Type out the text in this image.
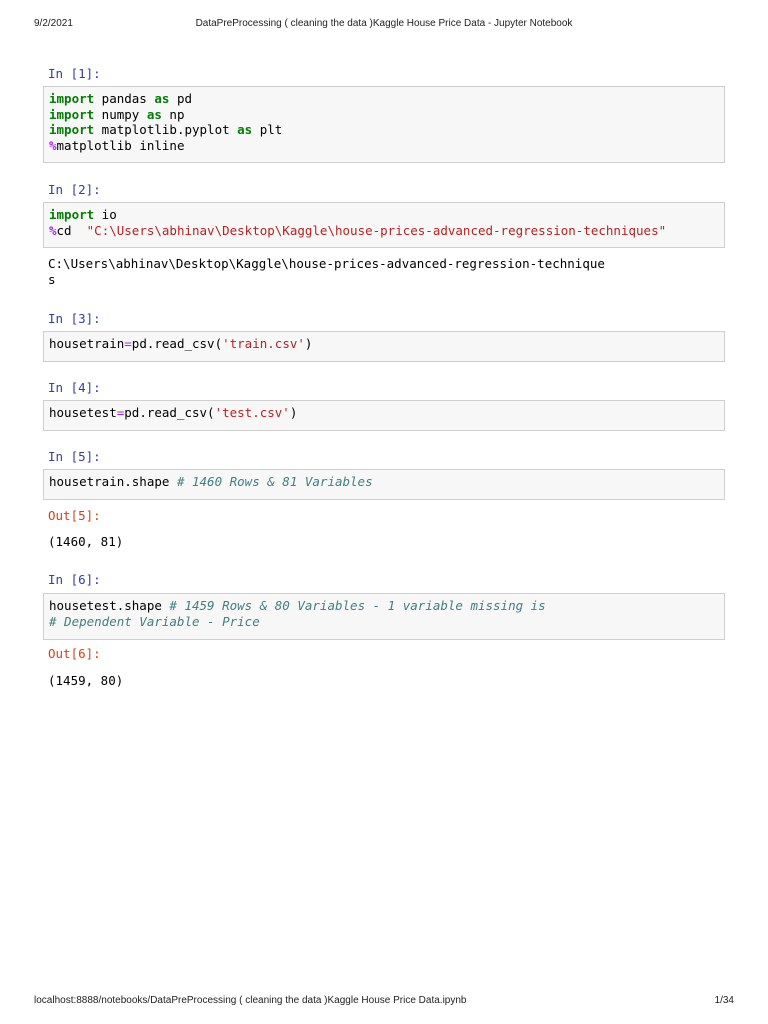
9/2/2021	DataPreProcessing ( cleaning the data )Kaggle House Price Data - Jupyter Notebook
In [1]:
import pandas as pd
import numpy as np
import matplotlib.pyplot as plt
%matplotlib inline
In [2]:
import io
%cd  "C:\Users\abhinav\Desktop\Kaggle\house-prices-advanced-regression-techniques"
C:\Users\abhinav\Desktop\Kaggle\house-prices-advanced-regression-technique
s
In [3]:
housetrain=pd.read_csv('train.csv')
In [4]:
housetest=pd.read_csv('test.csv')
In [5]:
housetrain.shape # 1460 Rows & 81 Variables
Out[5]:
(1460, 81)
In [6]:
housetest.shape # 1459 Rows & 80 Variables - 1 variable missing is
# Dependent Variable - Price
Out[6]:
(1459, 80)
localhost:8888/notebooks/DataPreProcessing ( cleaning the data )Kaggle House Price Data.ipynb	1/34
